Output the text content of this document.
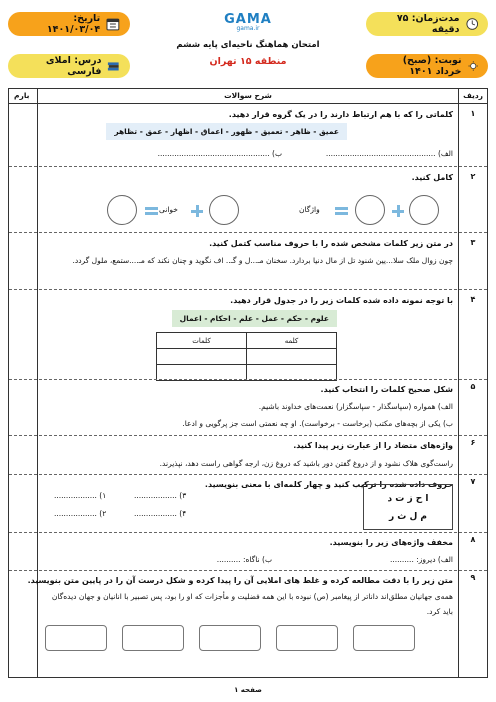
تاریخ: ۱۴۰۱/۰۳/۰۴
مدت‌زمان: ۷۵ دقیقه
GAMA
gama.ir
امتحان هماهنگ ناحیه‌ای پایه ششم
منطقه ۱۵ تهران
درس: املای فارسی
نوبت: (صبح) خرداد ۱۴۰۱
ردیف
شرح سوالات
بارم
۱
کلماتی را که با هم ارتباط دارند را در یک گروه قرار دهید.
عمیق - ظاهر - تعمیق - ظهور - اعماق - اظهار - عمق - تظاهر
الف) ..............................................
ب) ...............................................
۲
کامل کنید.
خوانی	واژگان
۳
در متن زیر کلمات مشخص شده را با حروف مناسب کتمل کنید.
چون زوال ملک سلا...یین شنود تل از مال دنیا بردارد. سخنان مـ...ل و گـ.. اف نگوید و چنان نکند که مـ....ستمع، ملول گردد.
۴
با توجه نمونه داده شده کلمات زیر را در جدول قرار دهید.
علوم - حکم - عمل - علم - احکام - اعمال
کلمه	کلمات

۵
شکل صحیح کلمات را انتخاب کنید.
الف) همواره (سپاسگذار - سپاسگزار) نعمت‌های خداوند باشیم.
ب) یکی از بچه‌های مکتب (برخاست - برخواست). او چه نعمتی است جز پرگویی و ادعا.
۶
واژه‌های متضاد را از عبارت زیر پیدا کنید.
راست‌گوی هلاک نشود و از دروغ گفتن دور باشید که دروغ زن، ارجه گواهی راست دهد، نپذیرند.
۷
حروف داده شده را ترکیب کنید و چهار کلمه‌ای با معنی بنویسید.
ا ح ز ت د
م ل ث ر
۱) ..................	۳) ..................
۲) ..................	۴) ..................
۸
مخفف واژه‌های زیر را بنویسید.
الف) دیروز: ..........
ب) ناگاه: ..........
۹
متن زیر را با دقت مطالعه کرده و غلط های املایی آن را پیدا کرده و شکل درست آن را در پایین متن بنویسید.
همه‌ی جهانیان مطلق‌اند داناتر از پیغامبر (ص) نبوده با این همه فضلیت و مأجزات که او را بود، پس تصبیر با انانیان و جهان دیده‌گان باید کرد.
صفحه ۱
